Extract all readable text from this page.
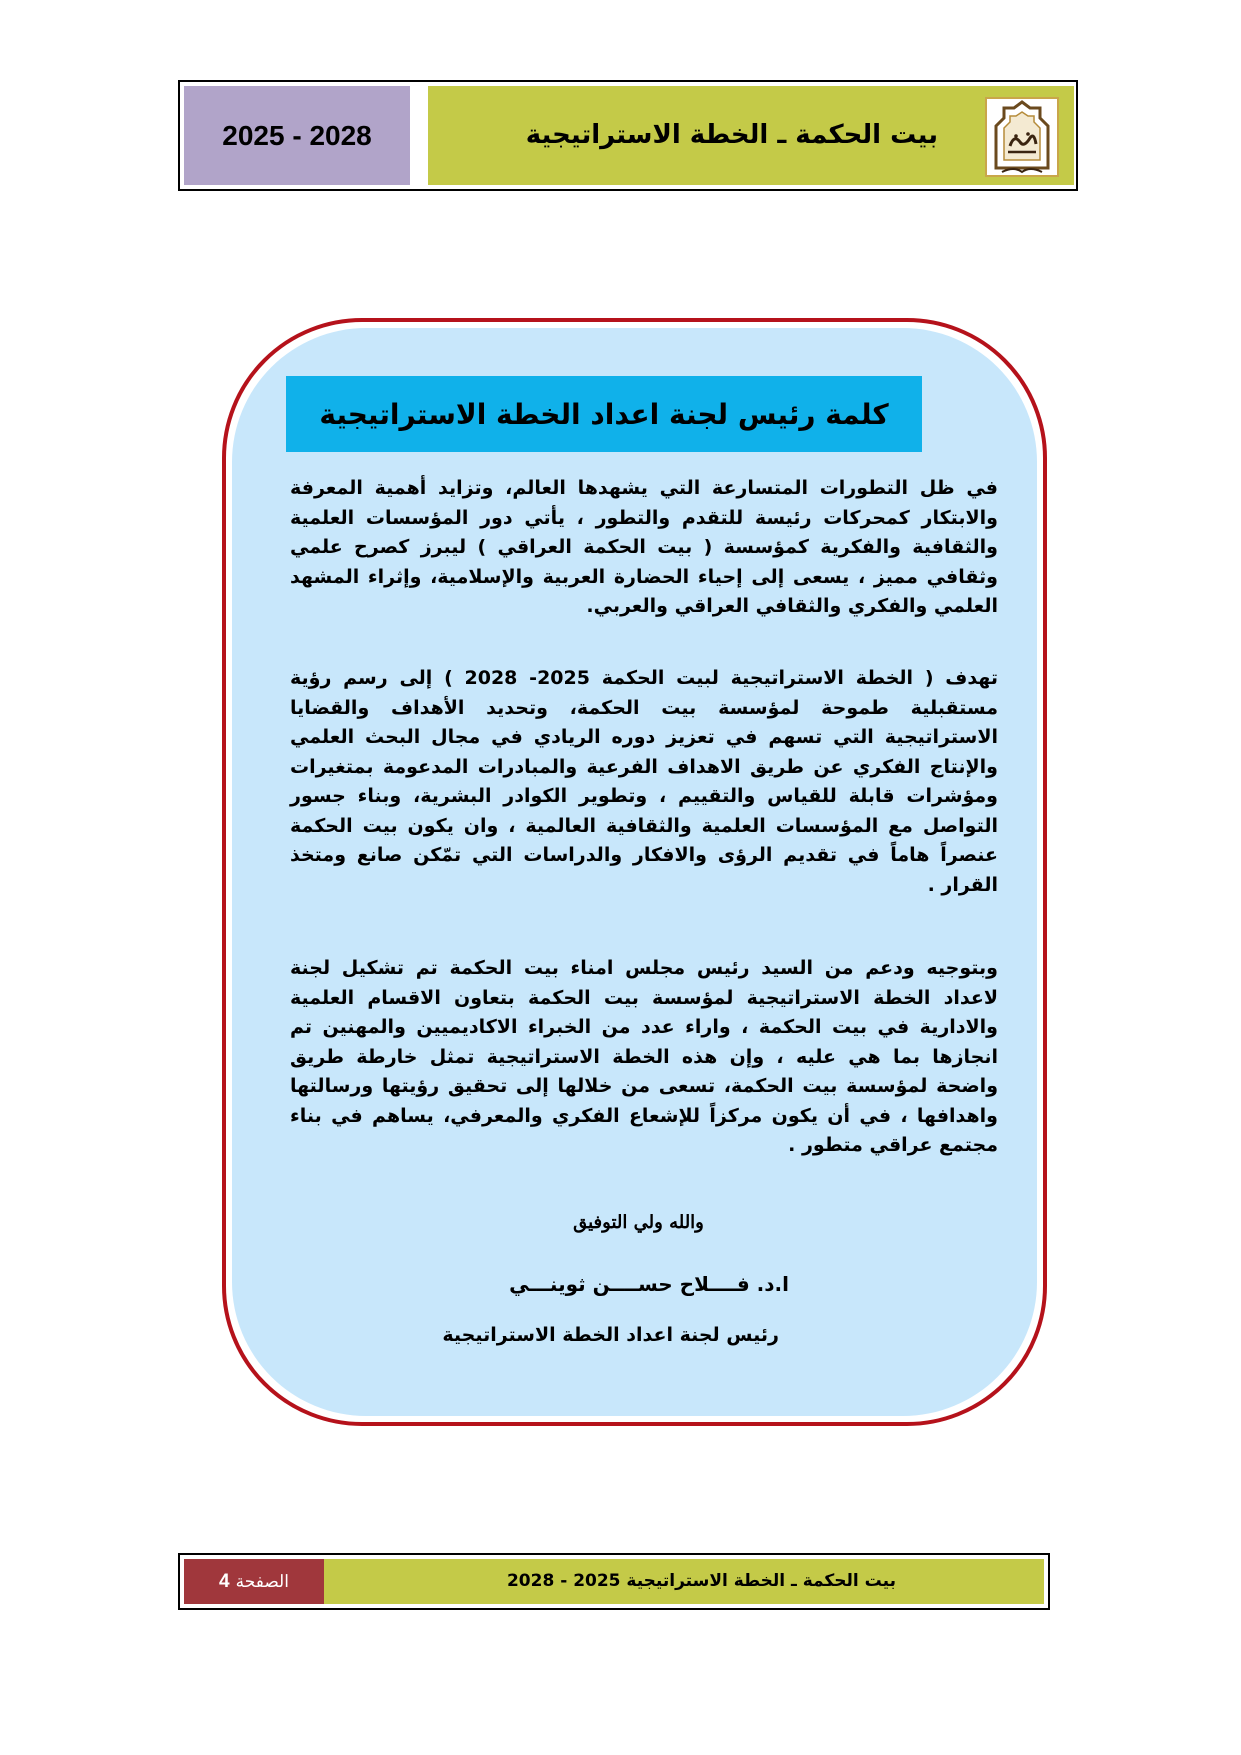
2025 - 2028	بيت الحكمة ـ الخطة الاستراتيجية
كلمة رئيس لجنة اعداد الخطة الاستراتيجية

في ظل التطورات المتسارعة التي يشهدها العالم، وتزايد أهمية المعرفة والابتكار كمحركات رئيسة للتقدم والتطور ، يأتي دور المؤسسات العلمية والثقافية والفكرية كمؤسسة ( بيت الحكمة العراقي ) ليبرز كصرح علمي وثقافي مميز ، يسعى إلى إحياء الحضارة العربية والإسلامية، وإثراء المشهد العلمي والفكري والثقافي العراقي والعربي.

تهدف ( الخطة الاستراتيجية لبيت الحكمة 2025- 2028 ) إلى رسم رؤية مستقبلية طموحة لمؤسسة بيت الحكمة، وتحديد الأهداف والقضايا الاستراتيجية التي تسهم في تعزيز دوره الريادي في مجال البحث العلمي والإنتاج الفكري عن طريق الاهداف الفرعية والمبادرات المدعومة بمتغيرات ومؤشرات قابلة للقياس والتقييم ، وتطوير الكوادر البشرية، وبناء جسور التواصل مع المؤسسات العلمية والثقافية العالمية ، وان يكون بيت الحكمة عنصراً هاماً في تقديم الرؤى والافكار والدراسات التي تمّكن صانع ومتخذ القرار .

وبتوجيه ودعم من السيد رئيس مجلس امناء بيت الحكمة تم تشكيل لجنة لاعداد الخطة الاستراتيجية لمؤسسة بيت الحكمة بتعاون الاقسام العلمية والادارية في بيت الحكمة ، واراء عدد من الخبراء الاكاديميين والمهنين تم انجازها بما هي عليه ، وإن هذه الخطة الاستراتيجية تمثل خارطة طريق واضحة لمؤسسة بيت الحكمة، تسعى من خلالها إلى تحقيق رؤيتها ورسالتها واهدافها ، في أن يكون مركزاً للإشعاع الفكري والمعرفي، يساهم في بناء مجتمع عراقي متطور .

والله ولي التوفيق
ا.د. فــــلاح حســــن ثوينـــي
رئيس لجنة اعداد الخطة الاستراتيجية
الصفحة
4	بيت الحكمة ـ الخطة الاستراتيجية 2025 - 2028
